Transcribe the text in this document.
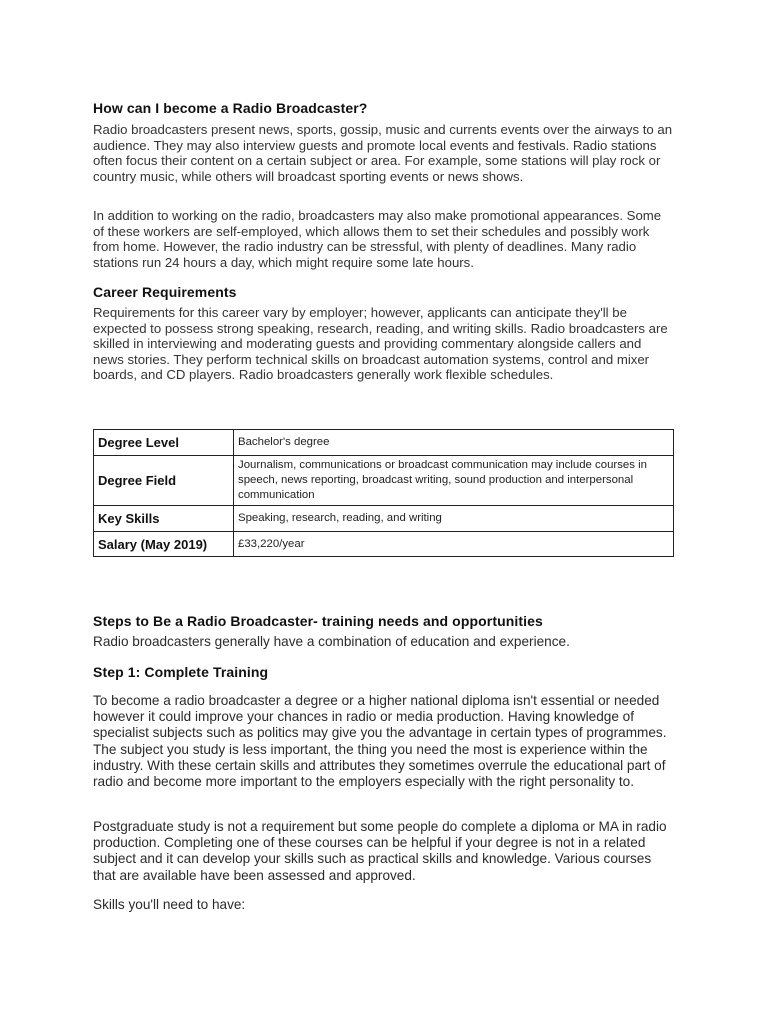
How can I become a Radio Broadcaster?

Radio broadcasters present news, sports, gossip, music and currents events over the airways to an audience. They may also interview guests and promote local events and festivals. Radio stations often focus their content on a certain subject or area. For example, some stations will play rock or country music, while others will broadcast sporting events or news shows.

In addition to working on the radio, broadcasters may also make promotional appearances. Some of these workers are self-employed, which allows them to set their schedules and possibly work from home. However, the radio industry can be stressful, with plenty of deadlines. Many radio stations run 24 hours a day, which might require some late hours.

Career Requirements

Requirements for this career vary by employer; however, applicants can anticipate they'll be expected to possess strong speaking, research, reading, and writing skills. Radio broadcasters are skilled in interviewing and moderating guests and providing commentary alongside callers and news stories. They perform technical skills on broadcast automation systems, control and mixer boards, and CD players. Radio broadcasters generally work flexible schedules.

Degree Level	Bachelor's degree
Degree Field	Journalism, communications or broadcast communication may include courses in speech, news reporting, broadcast writing, sound production and interpersonal communication
Key Skills	Speaking, research, reading, and writing
Salary (May 2019)	£33,220/year
Steps to Be a Radio Broadcaster- training needs and opportunities

Radio broadcasters generally have a combination of education and experience.

Step 1: Complete Training

To become a radio broadcaster a degree or a higher national diploma isn't essential or needed however it could improve your chances in radio or media production. Having knowledge of specialist subjects such as politics may give you the advantage in certain types of programmes. The subject you study is less important, the thing you need the most is experience within the industry. With these certain skills and attributes they sometimes overrule the educational part of radio and become more important to the employers especially with the right personality to.

Postgraduate study is not a requirement but some people do complete a diploma or MA in radio production. Completing one of these courses can be helpful if your degree is not in a related subject and it can develop your skills such as practical skills and knowledge. Various courses that are available have been assessed and approved.

Skills you'll need to have:
